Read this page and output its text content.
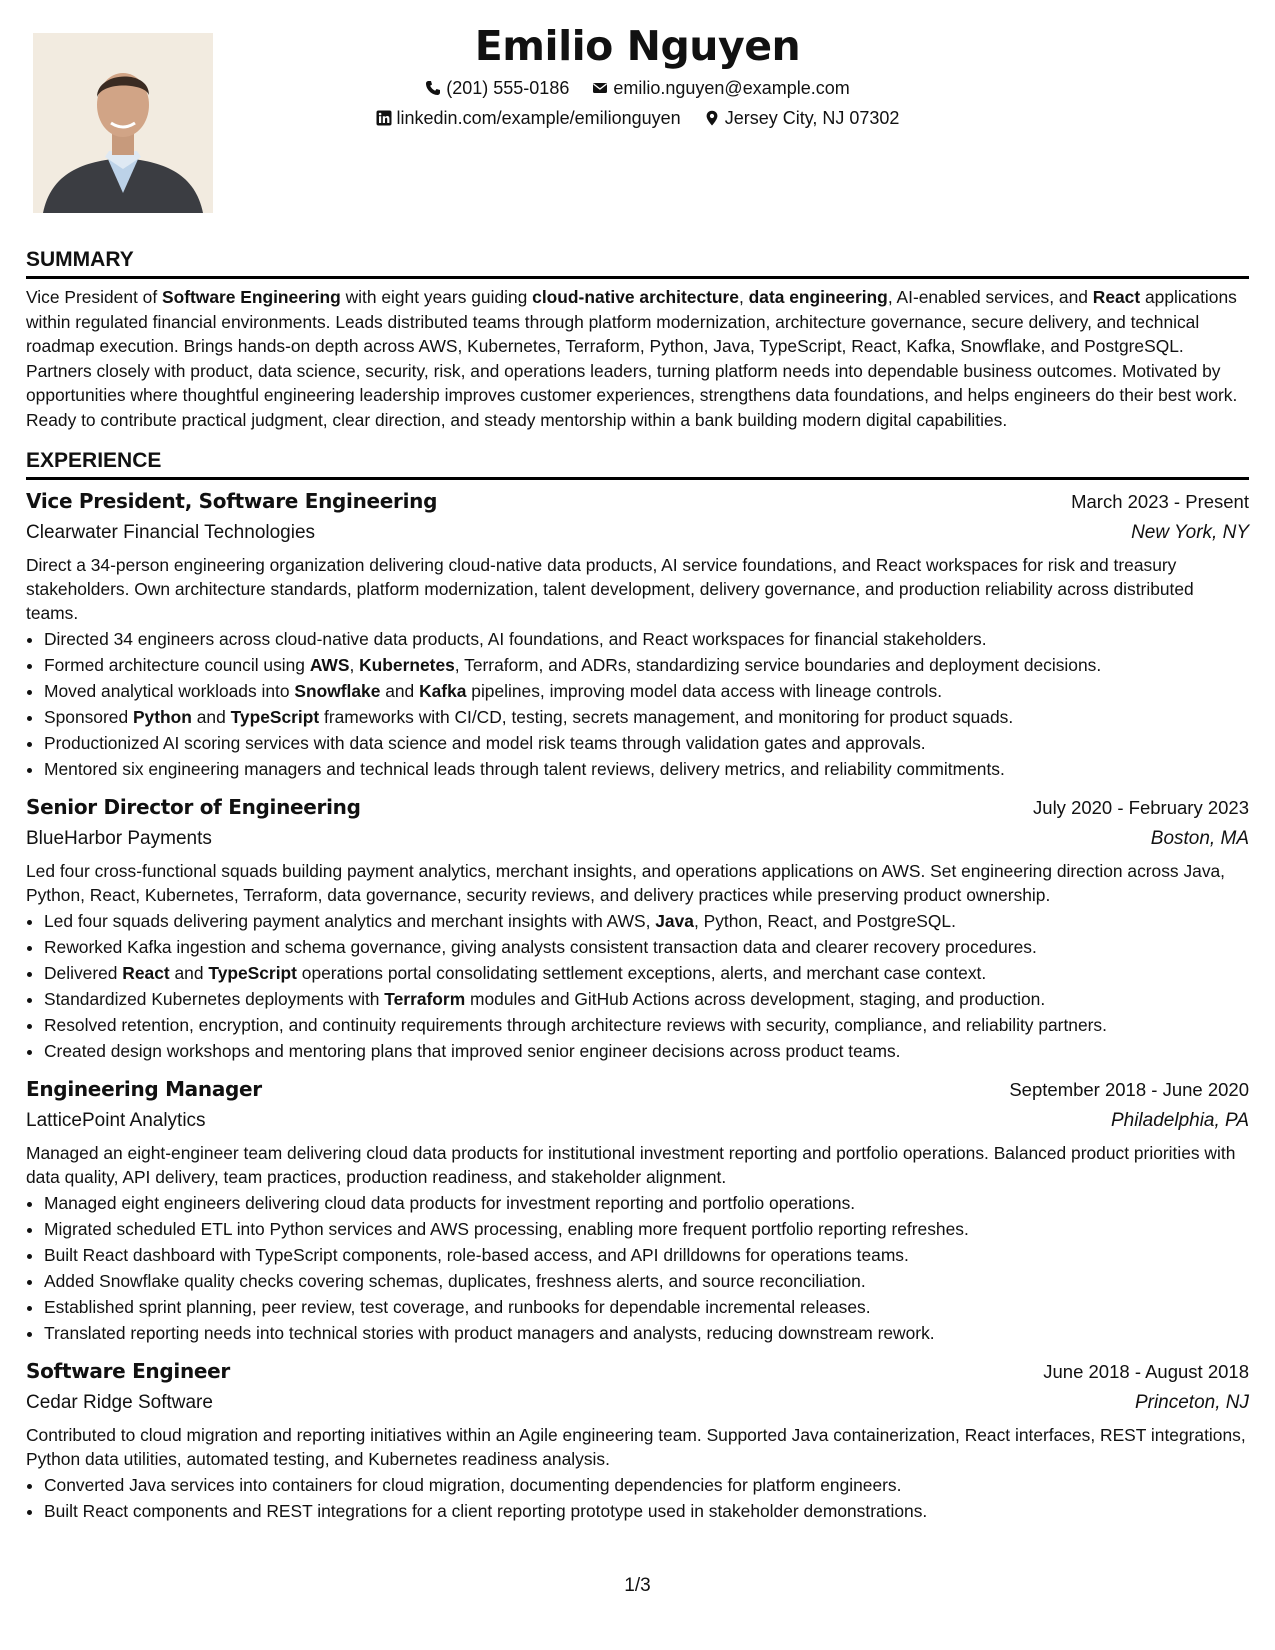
Emilio Nguyen
(201) 555-0186 emilio.nguyen@example.com
linkedin.com/example/emilionguyen Jersey City, NJ 07302
SUMMARY
Vice President of Software Engineering with eight years guiding cloud-native architecture, data engineering, AI-enabled services, and React applications within regulated financial environments. Leads distributed teams through platform modernization, architecture governance, secure delivery, and technical roadmap execution. Brings hands-on depth across AWS, Kubernetes, Terraform, Python, Java, TypeScript, React, Kafka, Snowflake, and PostgreSQL. Partners closely with product, data science, security, risk, and operations leaders, turning platform needs into dependable business outcomes. Motivated by opportunities where thoughtful engineering leadership improves customer experiences, strengthens data foundations, and helps engineers do their best work. Ready to contribute practical judgment, clear direction, and steady mentorship within a bank building modern digital capabilities.
EXPERIENCE
Vice President, Software Engineering	March 2023 - Present
Clearwater Financial Technologies	New York, NY
Direct a 34-person engineering organization delivering cloud-native data products, AI service foundations, and React workspaces for risk and treasury stakeholders. Own architecture standards, platform modernization, talent development, delivery governance, and production reliability across distributed teams.
• Directed 34 engineers across cloud-native data products, AI foundations, and React workspaces for financial stakeholders.
• Formed architecture council using AWS, Kubernetes, Terraform, and ADRs, standardizing service boundaries and deployment decisions.
• Moved analytical workloads into Snowflake and Kafka pipelines, improving model data access with lineage controls.
• Sponsored Python and TypeScript frameworks with CI/CD, testing, secrets management, and monitoring for product squads.
• Productionized AI scoring services with data science and model risk teams through validation gates and approvals.
• Mentored six engineering managers and technical leads through talent reviews, delivery metrics, and reliability commitments.
Senior Director of Engineering	July 2020 - February 2023
BlueHarbor Payments	Boston, MA
Led four cross-functional squads building payment analytics, merchant insights, and operations applications on AWS. Set engineering direction across Java, Python, React, Kubernetes, Terraform, data governance, security reviews, and delivery practices while preserving product ownership.
• Led four squads delivering payment analytics and merchant insights with AWS, Java, Python, React, and PostgreSQL.
• Reworked Kafka ingestion and schema governance, giving analysts consistent transaction data and clearer recovery procedures.
• Delivered React and TypeScript operations portal consolidating settlement exceptions, alerts, and merchant case context.
• Standardized Kubernetes deployments with Terraform modules and GitHub Actions across development, staging, and production.
• Resolved retention, encryption, and continuity requirements through architecture reviews with security, compliance, and reliability partners.
• Created design workshops and mentoring plans that improved senior engineer decisions across product teams.
Engineering Manager	September 2018 - June 2020
LatticePoint Analytics	Philadelphia, PA
Managed an eight-engineer team delivering cloud data products for institutional investment reporting and portfolio operations. Balanced product priorities with data quality, API delivery, team practices, production readiness, and stakeholder alignment.
• Managed eight engineers delivering cloud data products for investment reporting and portfolio operations.
• Migrated scheduled ETL into Python services and AWS processing, enabling more frequent portfolio reporting refreshes.
• Built React dashboard with TypeScript components, role-based access, and API drilldowns for operations teams.
• Added Snowflake quality checks covering schemas, duplicates, freshness alerts, and source reconciliation.
• Established sprint planning, peer review, test coverage, and runbooks for dependable incremental releases.
• Translated reporting needs into technical stories with product managers and analysts, reducing downstream rework.
Software Engineer	June 2018 - August 2018
Cedar Ridge Software	Princeton, NJ
Contributed to cloud migration and reporting initiatives within an Agile engineering team. Supported Java containerization, React interfaces, REST integrations, Python data utilities, automated testing, and Kubernetes readiness analysis.
• Converted Java services into containers for cloud migration, documenting dependencies for platform engineers.
• Built React components and REST integrations for a client reporting prototype used in stakeholder demonstrations.
1/3
